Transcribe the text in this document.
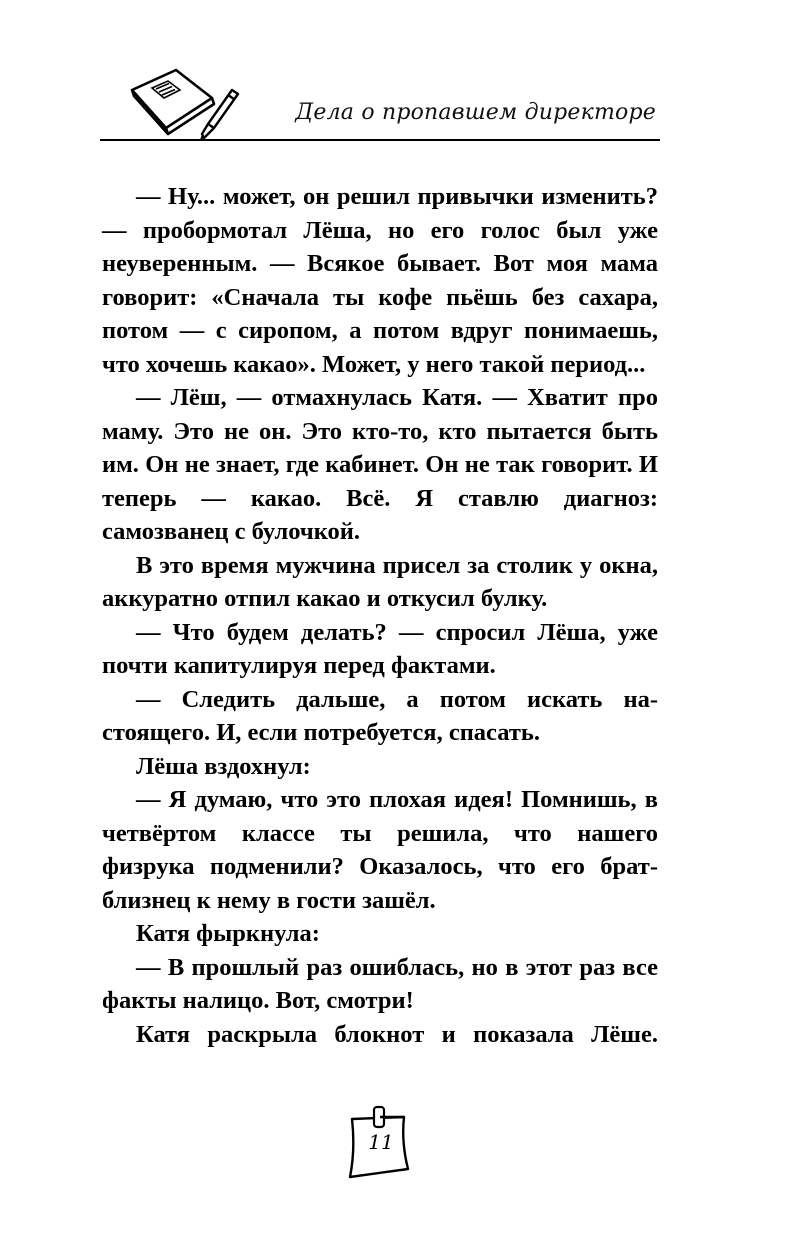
Дела о пропавшем директоре

— Ну... может, он решил привычки изменить? — пробормотал Лёша, но его голос был уже неуверенным. — Всякое бывает. Вот моя мама говорит: «Сначала ты кофе пьёшь без сахара, потом — с сиропом, а потом вдруг понимаешь, что хочешь какао». Может, у него такой период...

— Лёш, — отмахнулась Катя. — Хватит про маму. Это не он. Это кто-то, кто пытается быть им. Он не знает, где кабинет. Он не так говорит. И теперь — какао. Всё. Я ставлю диагноз: самозванец с булочкой.

В это время мужчина присел за столик у окна, аккуратно отпил какао и откусил булку.

— Что будем делать? — спросил Лёша, уже почти капитулируя перед фактами.

— Следить дальше, а потом искать настоящего. И, если потребуется, спасать.

Лёша вздохнул:

— Я думаю, что это плохая идея! Помнишь, в четвёртом классе ты решила, что нашего физрука подменили? Оказалось, что его брат-близнец к нему в гости зашёл.

Катя фыркнула:

— В прошлый раз ошиблась, но в этот раз все факты налицо. Вот, смотри!

Катя раскрыла блокнот и показала Лёше.

11
